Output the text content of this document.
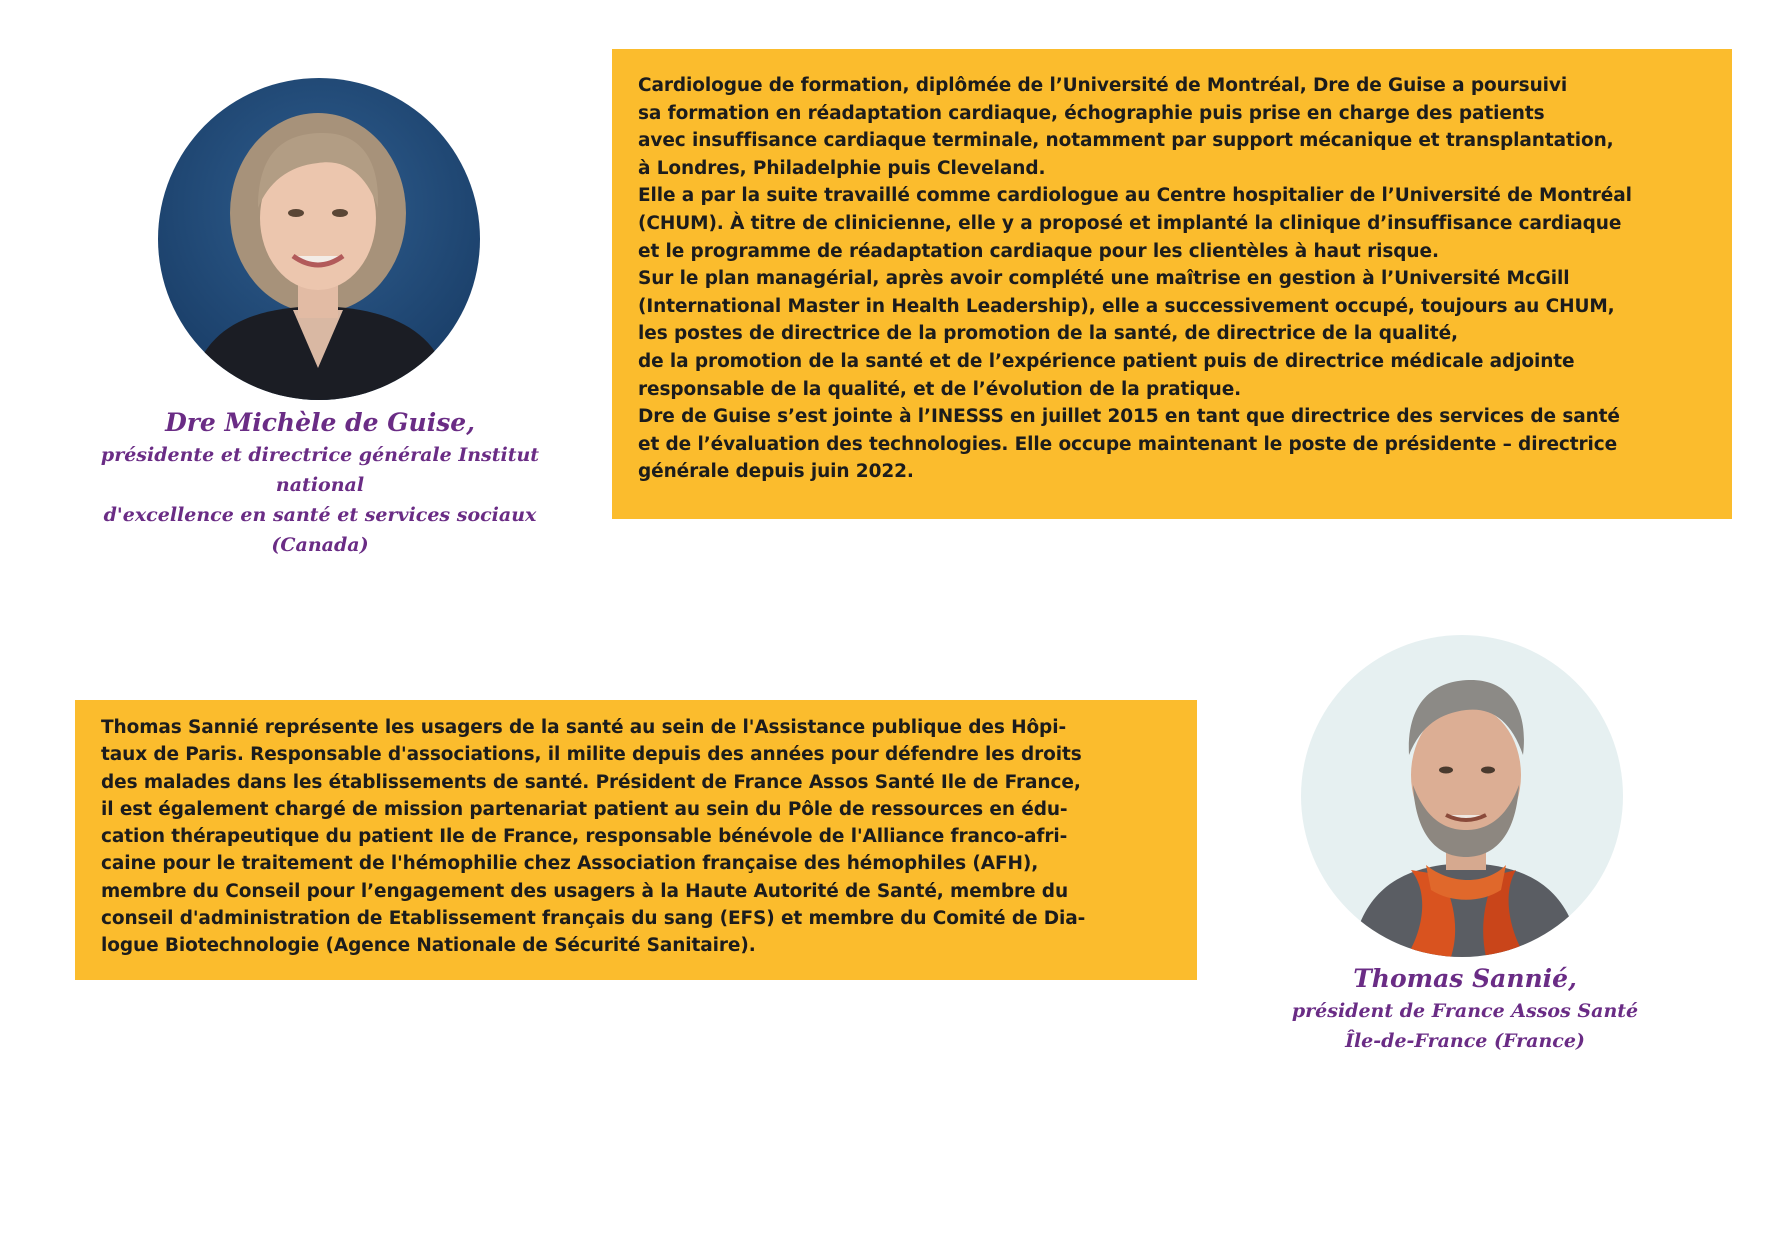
Dre Michèle de Guise,
présidente et directrice générale Institut national
d'excellence en santé et services sociaux
(Canada)

Cardiologue de formation, diplômée de l’Université de Montréal, Dre de Guise a poursuivi

sa formation en réadaptation cardiaque, échographie puis prise en charge des patients

avec insuffisance cardiaque terminale, notamment par support mécanique et transplantation,

à Londres, Philadelphie puis Cleveland.

Elle a par la suite travaillé comme cardiologue au Centre hospitalier de l’Université de Montréal

(CHUM). À titre de clinicienne, elle y a proposé et implanté la clinique d’insuffisance cardiaque

et le programme de réadaptation cardiaque pour les clientèles à haut risque.

Sur le plan managérial, après avoir complété une maîtrise en gestion à l’Université McGill

(International Master in Health Leadership), elle a successivement occupé, toujours au CHUM,

les postes de directrice de la promotion de la santé, de directrice de la qualité,

de la promotion de la santé et de l’expérience patient puis de directrice médicale adjointe

responsable de la qualité, et de l’évolution de la pratique.

Dre de Guise s’est jointe à l’INESSS en juillet 2015 en tant que directrice des services de santé

et de l’évaluation des technologies. Elle occupe maintenant le poste de présidente – directrice

générale depuis juin 2022.

Thomas Sannié représente les usagers de la santé au sein de l'Assistance publique des Hôpi-

taux de Paris. Responsable d'associations, il milite depuis des années pour défendre les droits

des malades dans les établissements de santé. Président de France Assos Santé Ile de France,

il est également chargé de mission partenariat patient au sein du Pôle de ressources en édu-

cation thérapeutique du patient Ile de France, responsable bénévole de l'Alliance franco-afri-

caine pour le traitement de l'hémophilie chez Association française des hémophiles (AFH),

membre du Conseil pour l’engagement des usagers à la Haute Autorité de Santé, membre du

conseil d'administration de Etablissement français du sang (EFS) et membre du Comité de Dia-

logue Biotechnologie (Agence Nationale de Sécurité Sanitaire).

Thomas Sannié,
président de France Assos Santé
Île-de-France (France)
